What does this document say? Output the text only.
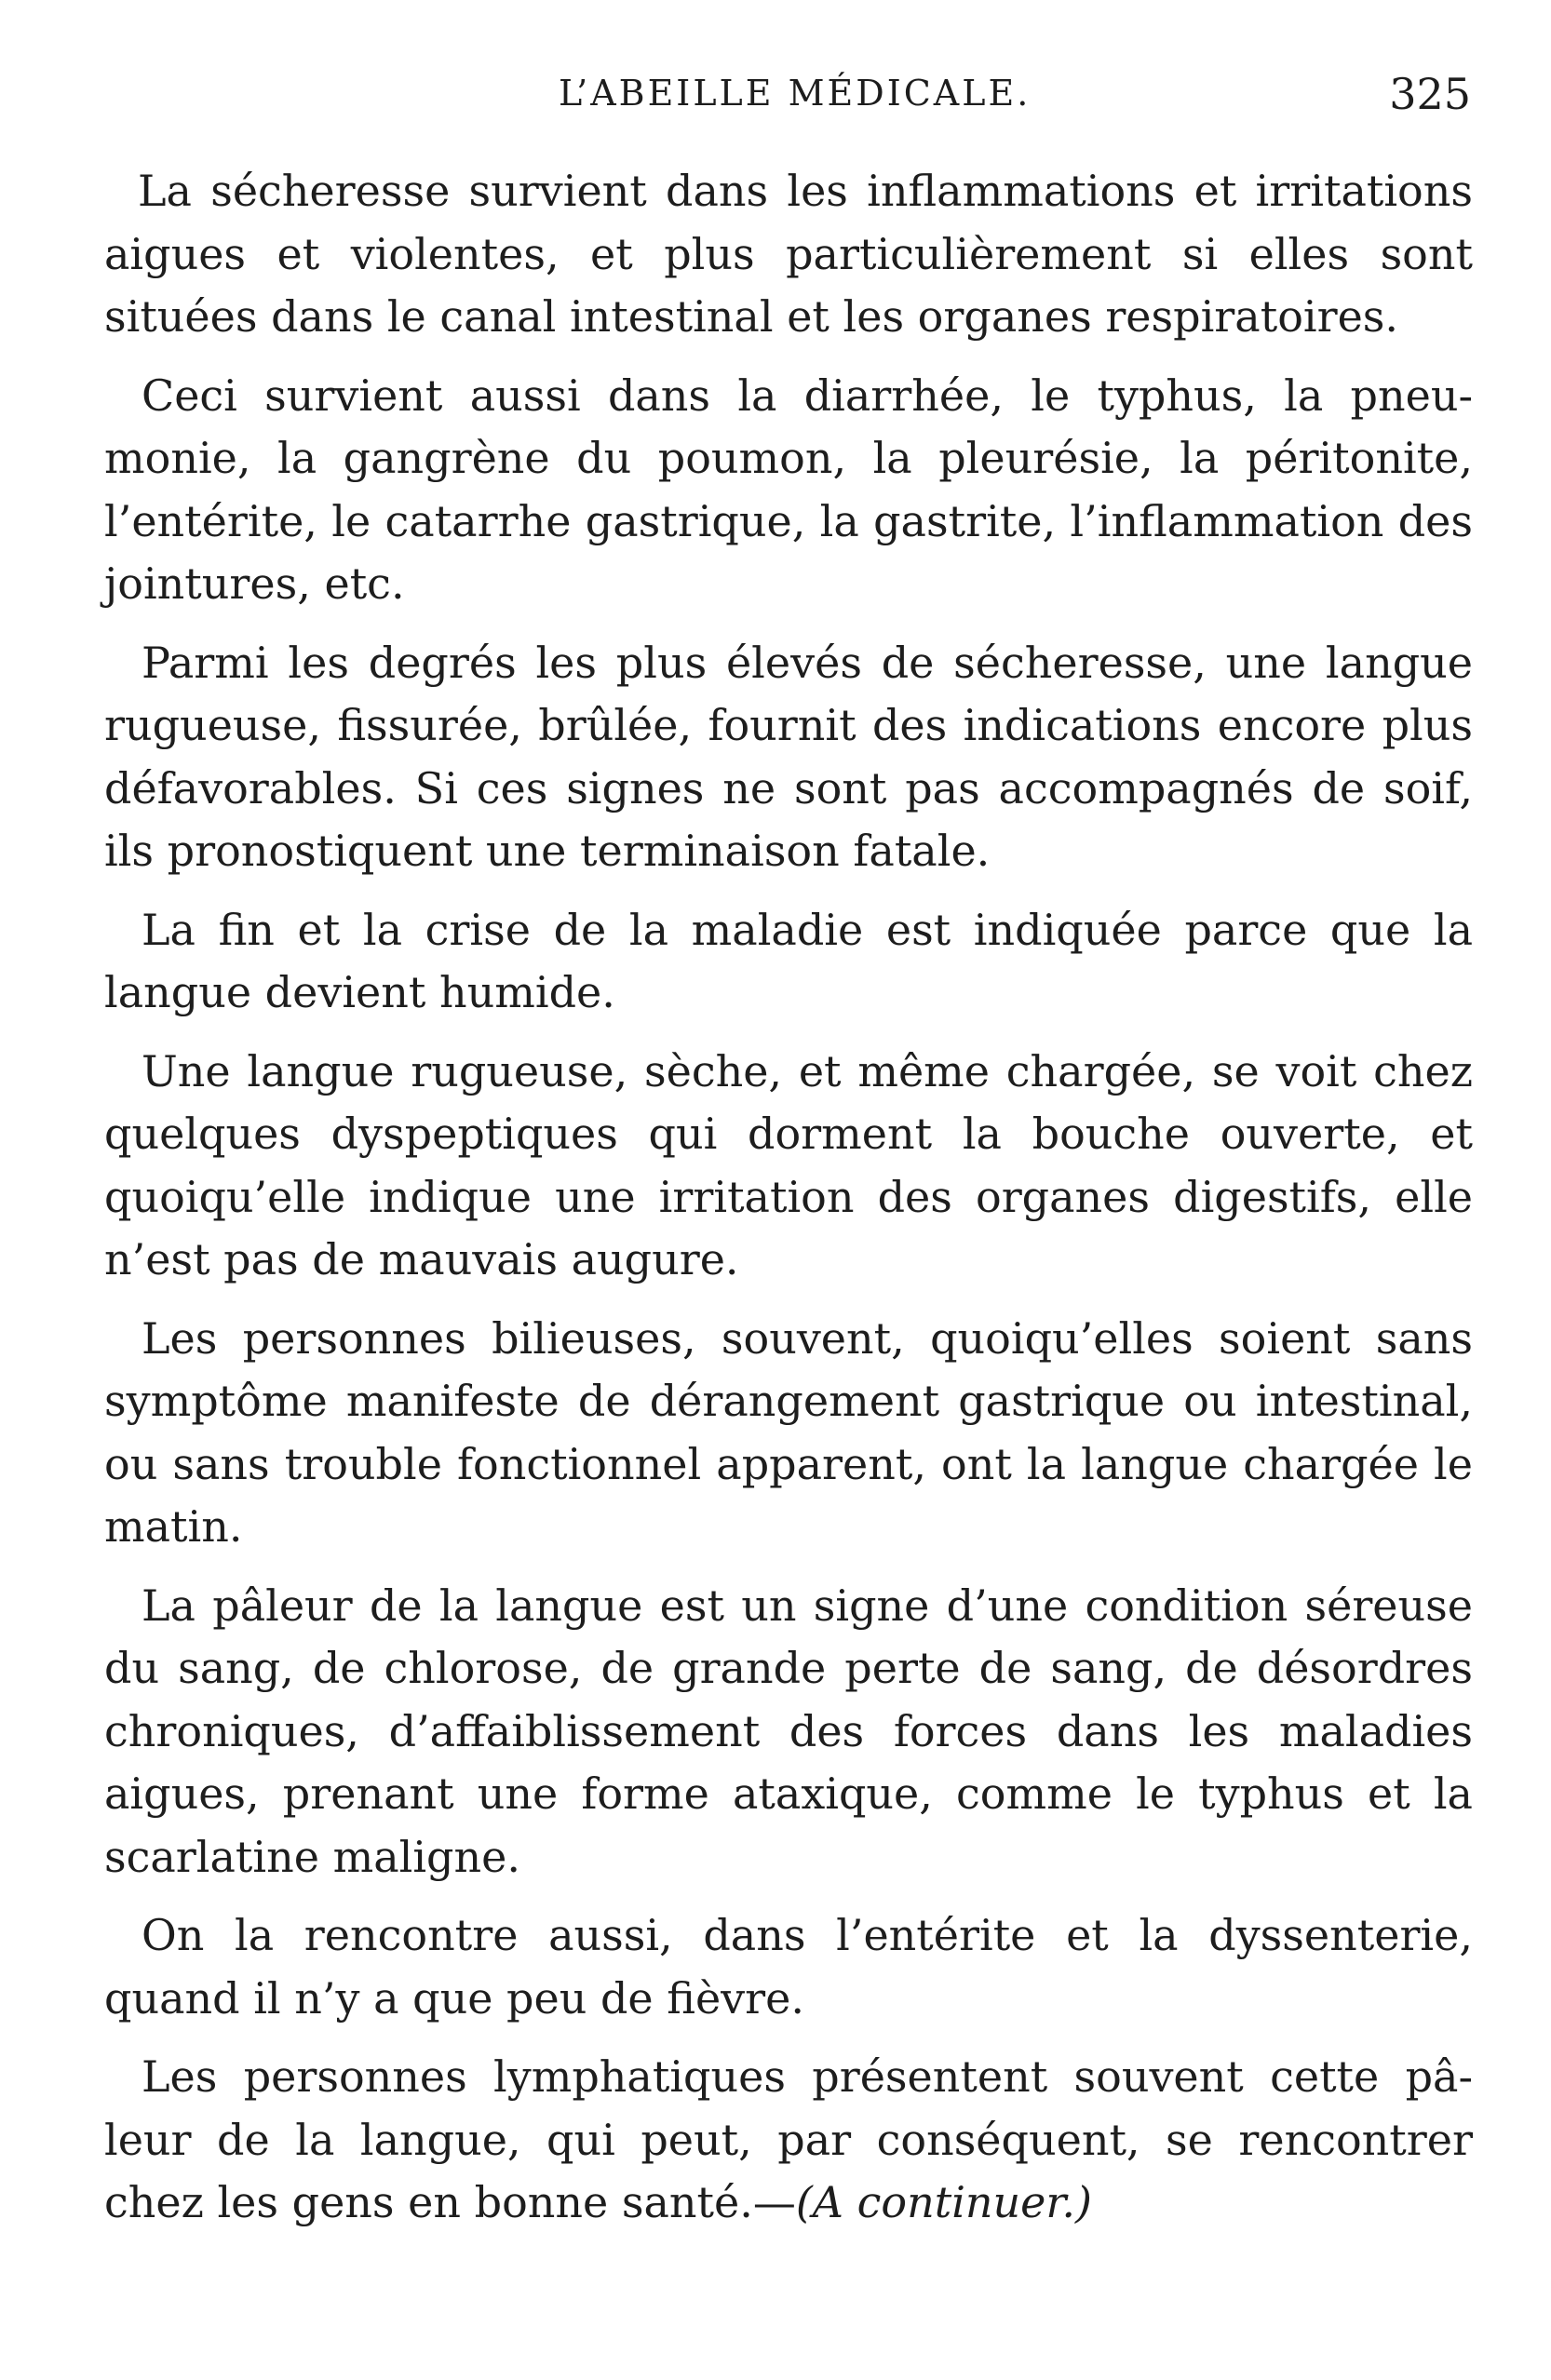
L’ABEILLE MÉDICALE.	325

La sécheresse survient dans les inflammations et irritations aigues et violentes, et plus particulièrement si elles sont situées dans le canal intestinal et les organes respiratoires.

Ceci survient aussi dans la diarrhée, le typhus, la pneu-monie, la gangrène du poumon, la pleurésie, la péritonite, l’entérite, le catarrhe gastrique, la gastrite, l’inflammation des jointures, etc.

Parmi les degrés les plus élevés de sécheresse, une langue rugueuse, fissurée, brûlée, fournit des indications encore plus défavorables. Si ces signes ne sont pas accompagnés de soif, ils pronostiquent une terminaison fatale.

La fin et la crise de la maladie est indiquée parce que la langue devient humide.

Une langue rugueuse, sèche, et même chargée, se voit chez quelques dyspeptiques qui dorment la bouche ouverte, et quoiqu’elle indique une irritation des organes digestifs, elle n’est pas de mauvais augure.

Les personnes bilieuses, souvent, quoiqu’elles soient sans symptôme manifeste de dérangement gastrique ou intestinal, ou sans trouble fonctionnel apparent, ont la langue chargée le matin.

La pâleur de la langue est un signe d’une condition séreuse du sang, de chlorose, de grande perte de sang, de désordres chroniques, d’affaiblissement des forces dans les maladies aigues, prenant une forme ataxique, comme le typhus et la scarlatine maligne.

On la rencontre aussi, dans l’entérite et la dyssenterie, quand il n’y a que peu de fièvre.

Les personnes lymphatiques présentent souvent cette pâ-leur de la langue, qui peut, par conséquent, se rencontrer chez les gens en bonne santé.—(A continuer.)
